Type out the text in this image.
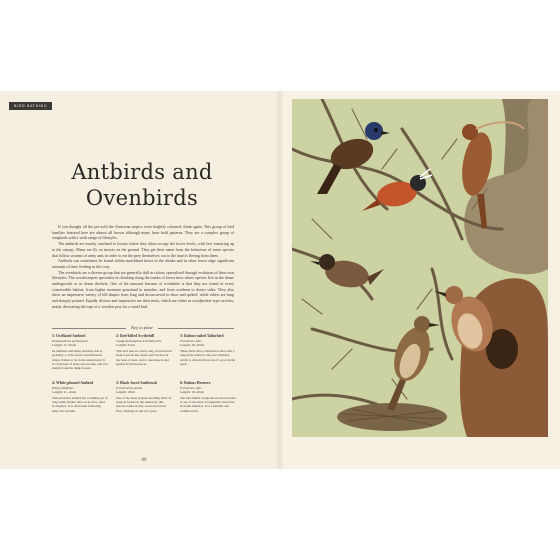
BIRD BATHING
Antbirds and Ovenbirds

If you thought all the pre-sold the American tropics were brightly coloured, think again. This group of bird families featured here are almost all brown although many have bold patterns. They are a complex group of songbirds with a wide range of lifestyles.

The antbirds are mostly confined to forests where they often occupy the lower levels, with few venturing up to the canopy. Many are fly on insects on the ground. They get their name from the behaviour of some species that follow swarms of army ants in order to eat the prey themselves out to the insects fleeing from them.

Antbirds can sometimes be found within marshland forest in the shrubs and in other forest edge significant amounts of time feeding in this way.

The ovenbirds are a diverse group that are generally dull in colour, specialised through evolution of their own lifestyles. The woodcreepers specialise in climbing along the trunks of forest trees where species live in the dense undergrowth or in dense thickets. One of the unusual features of ovenbirds is that they are found in every conceivable habitat, from higher montane grassland to marshes, and from southern to desert sides. They also show an impressive variety of bill shapes from long and downcurved to short and spiked, while others are long and sharply pointed. Equally diverse and impressive are their nests, which are either in woodpecker-type cavities, neatly decorating the tops of a wooden post for a small bird.

Key to plate
1: Ocellated Antbird
Phaenostictus mcleannani
Length: 17–20cm
Its numbers and many antbirds, this is probably a of the most colourful nests where it likes to be in the understorey. It is a follower of army-ant swarms, and it is mainly found in damp forests.
2: Red-billed Scythebill
Campylorhamphus trochilirostris
Length: 25cm
This bird uses its vastly long, downcurved beak to probe into holes and crevices in the bark of trees, and to take insects and spiders from the leaves.
3: Rufous-tailed Tailorbird
Furnarius rufus
Length: 18–20cm
These birds have a distinctive nest with a long entry tunnel to the nest chamber, which is often built on top of a post in the open.
4: White-plumed Antbird
Pithys albifrons
Length: 11–12cm
This attractive antbird has a striking set of long white feather tufts on its face, used in displays. It is often seen following army-ant swarms.
5: Black-faced Antthrush
Formicarius analis
Length: 18cm
One of the most ground-dwelling birds of tropical forests in the Americas, this species walks slowly across the forest floor, flicking its tail as it goes.
6: Rufous Hornero
Furnarius rufus
Length: 18–20cm
The bird builds a large mud oven nest that is one of the most recognisable structures in South America. It is a familiar and common bird.
80
